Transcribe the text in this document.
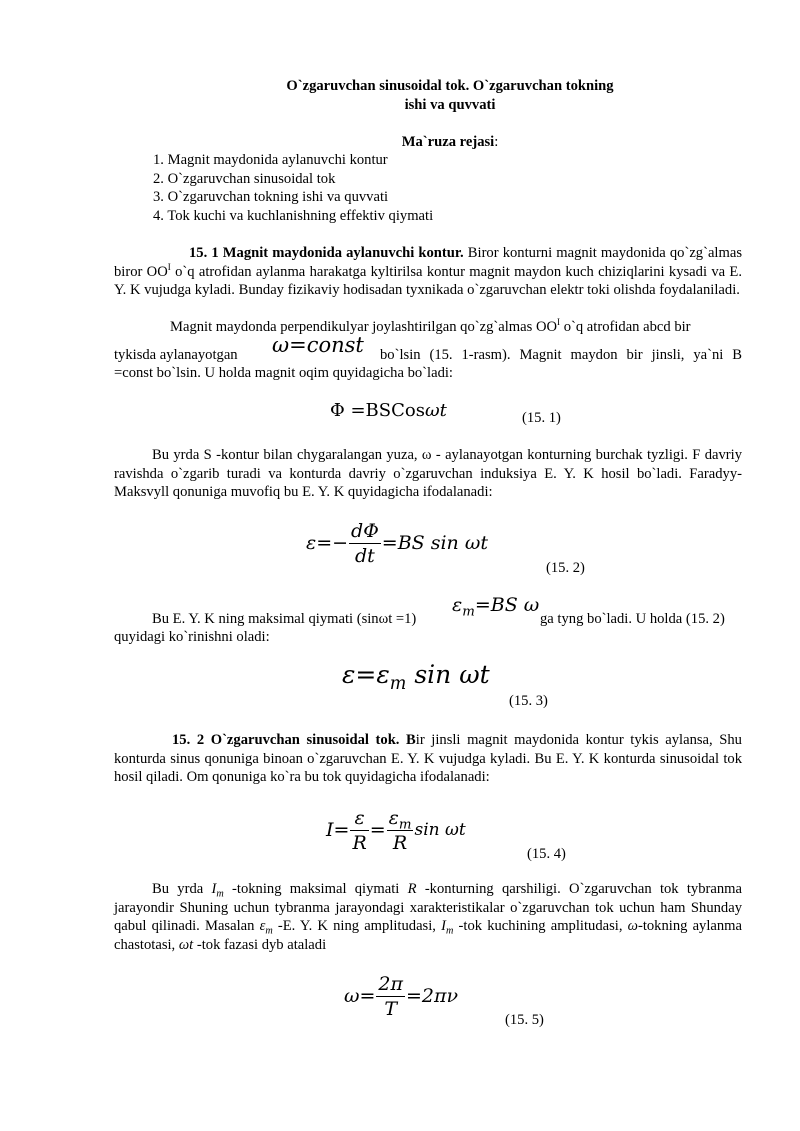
O`zgaruvchan sinusoidal tok. O`zgaruvchan tokning
ishi va quvvati
Ma`ruza rejasi:
1. Magnit maydonida aylanuvchi kontur
2. O`zgaruvchan sinusoidal tok
3. O`zgaruvchan tokning ishi va quvvati
4. Tok kuchi va kuchlanishning effektiv qiymati
15. 1 Magnit maydonida aylanuvchi kontur. Biror konturni magnit maydonida qo`zg`almas biror $OO^I$ o`q atrofidan aylanma harakatga kyltirilsa kontur magnit maydon kuch chiziqlarini kysadi va E. Y. K vujudga kyladi. Bunday fizikaviy hodisadan tyxnikada o`zgaruvchan elektr toki olishda foydalaniladi.
Magnit maydonda perpendikulyar joylashtirilgan qo`zg`almas $OO^I$ o`q atrofidan abcd bir
tykisda aylanayotgan ω=const bo`lsin (15. 1-rasm). Magnit maydon bir jinsli, ya`ni B
=const bo`lsin. U holda magnit oqim quyidagicha bo`ladi:
Φ =BSCosωt	(15. 1)
Bu yrda S -kontur bilan chygaralangan yuza, ω - aylanayotgan konturning burchak tyzligi. F davriy ravishda o`zgarib turadi va konturda davriy o`zgaruvchan induksiya E. Y. K hosil bo`ladi. Faradyy-Maksvyll qonuniga muvofiq bu E. Y. K quyidagicha ifodalanadi:
$\varepsilon=- \frac{d\Phi}{dt} =BS$ sin ωt
(15. 2)
Bu E. Y. K ning maksimal qiymati (sinωt =1)
$\varepsilon_m=BS$ ω
ga tyng bo`ladi. U holda (15. 2)
quyidagi ko`rinishni oladi:
$\varepsilon=\varepsilon_m$ sin ωt
(15. 3)
15. 2 O`zgaruvchan sinusoidal tok. Bir jinsli magnit maydonida kontur tykis aylansa, Shu konturda sinus qonuniga binoan o`zgaruvchan E. Y. K vujudga kyladi. Bu E. Y. K konturda sinusoidal tok hosil qiladi. Om qonuniga ko`ra bu tok quyidagicha ifodalanadi:
$I= \frac{\varepsilon}{R} = \frac{\varepsilon_m}{R}$ sin ωt
(15. 4)
Bu yrda $I_m$ -tokning maksimal qiymati R -konturning qarshiligi. O`zgaruvchan tok tybranma jarayondir Shuning uchun tybranma jarayondagi xarakteristikalar o`zgaruvchan tok uchun ham Shunday qabul qilinadi. Masalan $\varepsilon_m$ -E. Y. K ning amplitudasi, $I_m$ -tok kuchining amplitudasi, ω-tokning aylanma chastotasi, ωt -tok fazasi dyb ataladi
$\omega= \frac{2\pi}{T} =2\pi\nu$
(15. 5)
